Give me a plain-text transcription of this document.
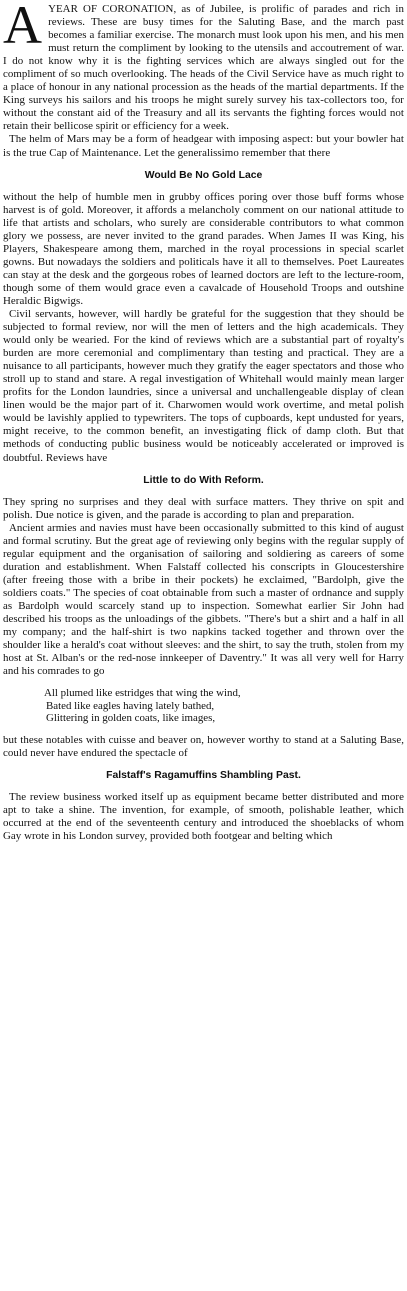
AYEAR OF CORONATION, as of Jubilee, is prolific of parades and rich in reviews. These are busy times for the Saluting Base, and the march past becomes a familiar exercise. The monarch must look upon his men, and his men must return the compliment by looking to the utensils and accoutrement of war. I do not know why it is the fighting services which are always singled out for the compliment of so much overlooking. The heads of the Civil Service have as much right to a place of honour in any national procession as the heads of the martial departments. If the King surveys his sailors and his troops he might surely survey his tax-collectors too, for without the constant aid of the Treasury and all its servants the fighting forces would not retain their bellicose spirit or efficiency for a week.

The helm of Mars may be a form of headgear with imposing aspect: but your bowler hat is the true Cap of Maintenance. Let the generalissimo remember that there

Would Be No Gold Lace

without the help of humble men in grubby offices poring over those buff forms whose harvest is of gold. Moreover, it affords a melancholy comment on our national attitude to life that artists and scholars, who surely are considerable contributors to what common glory we possess, are never invited to the grand parades. When James II was King, his Players, Shakespeare among them, marched in the royal processions in special scarlet gowns. But nowadays the soldiers and politicals have it all to themselves. Poet Laureates can stay at the desk and the gorgeous robes of learned doctors are left to the lecture-room, though some of them would grace even a cavalcade of Household Troops and outshine Heraldic Bigwigs.

Civil servants, however, will hardly be grateful for the suggestion that they should be subjected to formal review, nor will the men of letters and the high academicals. They would only be wearied. For the kind of reviews which are a substantial part of royalty's burden are more ceremonial and complimentary than testing and practical. They are a nuisance to all participants, however much they gratify the eager spectators and those who stroll up to stand and stare. A regal investigation of Whitehall would mainly mean larger profits for the London laundries, since a universal and unchallengeable display of clean linen would be the major part of it. Charwomen would work overtime, and metal polish would be lavishly applied to typewriters. The tops of cupboards, kept undusted for years, might receive, to the common benefit, an investigating flick of damp cloth. But that methods of conducting public business would be noticeably accelerated or improved is doubtful. Reviews have

Little to do With Reform.

They spring no surprises and they deal with surface matters. They thrive on spit and polish. Due notice is given, and the parade is according to plan and preparation.

Ancient armies and navies must have been occasionally submitted to this kind of august and formal scrutiny. But the great age of reviewing only begins with the regular supply of regular equipment and the organisation of sailoring and soldiering as careers of some duration and establishment. When Falstaff collected his conscripts in Gloucestershire (after freeing those with a bribe in their pockets) he exclaimed, "Bardolph, give the soldiers coats." The species of coat obtainable from such a master of ordnance and supply as Bardolph would scarcely stand up to inspection. Somewhat earlier Sir John had described his troops as the unloadings of the gibbets. "There's but a shirt and a half in all my company; and the half-shirt is two napkins tacked together and thrown over the shoulder like a herald's coat without sleeves: and the shirt, to say the truth, stolen from my host at St. Alban's or the red-nose innkeeper of Daventry." It was all very well for Harry and his comrades to go

All plumed like estridges that wing the wind,
Bated like eagles having lately bathed,
Glittering in golden coats, like images,

but these notables with cuisse and beaver on, however worthy to stand at a Saluting Base, could never have endured the spectacle of

Falstaff's Ragamuffins Shambling Past.

The review business worked itself up as equipment became better distributed and more apt to take a shine. The invention, for example, of smooth, polishable leather, which occurred at the end of the seventeenth century and introduced the shoeblacks of whom Gay wrote in his London survey, provided both footgear and belting which
